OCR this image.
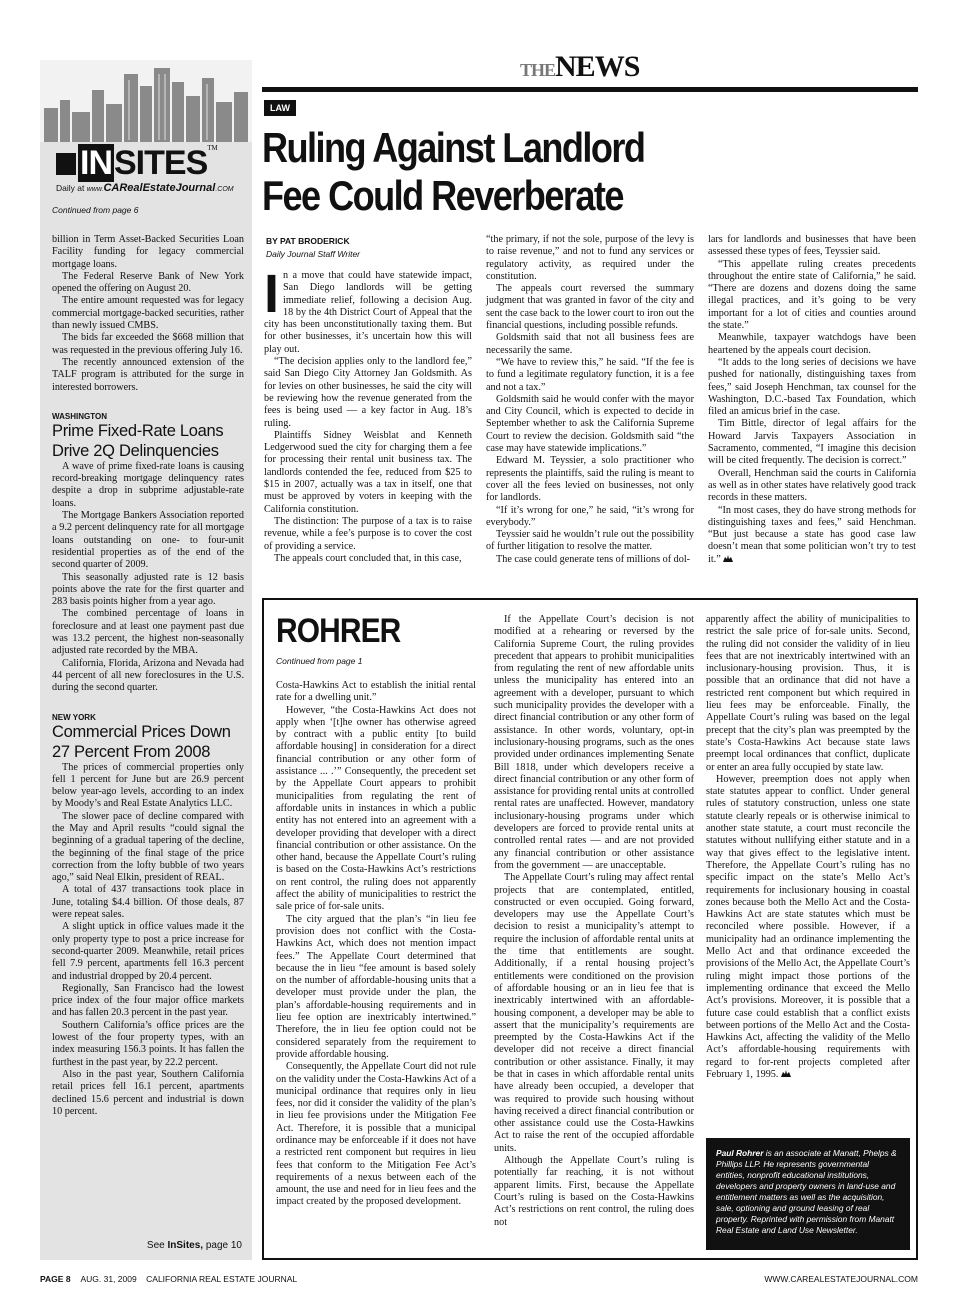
THENEWS
INSITES™
Daily at www.CARealEstateJournal.COM
Continued from page 6

billion in Term Asset-Backed Securities Loan Facility funding for legacy commercial mortgage loans.

The Federal Reserve Bank of New York opened the offering on August 20.

The entire amount requested was for legacy commercial mortgage-backed securities, rather than newly issued CMBS.

The bids far exceeded the $668 million that was requested in the previous offering July 16.

The recently announced extension of the TALF program is attributed for the surge in interested borrowers.

WASHINGTON
Prime Fixed-Rate Loans Drive 2Q Delinquencies

A wave of prime fixed-rate loans is causing record-breaking mortgage delinquency rates despite a drop in subprime adjustable-rate loans.

The Mortgage Bankers Association reported a 9.2 percent delinquency rate for all mortgage loans outstanding on one- to four-unit residential properties as of the end of the second quarter of 2009.

This seasonally adjusted rate is 12 basis points above the rate for the first quarter and 283 basis points higher from a year ago.

The combined percentage of loans in foreclosure and at least one payment past due was 13.2 percent, the highest non-seasonally adjusted rate recorded by the MBA.

California, Florida, Arizona and Nevada had 44 percent of all new foreclosures in the U.S. during the second quarter.

NEW YORK
Commercial Prices Down 27 Percent From 2008

The prices of commercial properties only fell 1 percent for June but are 26.9 percent below year-ago levels, according to an index by Moody’s and Real Estate Analytics LLC.

The slower pace of decline compared with the May and April results “could signal the beginning of a gradual tapering of the decline, the beginning of the final stage of the price correction from the lofty bubble of two years ago,” said Neal Elkin, president of REAL.

A total of 437 transactions took place in June, totaling $4.4 billion. Of those deals, 87 were repeat sales.

A slight uptick in office values made it the only property type to post a price increase for second-quarter 2009. Meanwhile, retail prices fell 7.9 percent, apartments fell 16.3 percent and industrial dropped by 20.4 percent.

Regionally, San Francisco had the lowest price index of the four major office markets and has fallen 20.3 percent in the past year.

Southern California’s office prices are the lowest of the four property types, with an index measuring 156.3 points. It has fallen the furthest in the past year, by 22.2 percent.

Also in the past year, Southern California retail prices fell 16.1 percent, apartments declined 15.6 percent and industrial is down 10 percent.

See InSites, page 10
LAW
Ruling Against Landlord
Fee Could Reverberate
BY PAT BRODERICK
Daily Journal Staff Writer

In a move that could have statewide impact, San Diego landlords will be getting immediate relief, following a decision Aug. 18 by the 4th District Court of Appeal that the city has been unconstitutionally taxing them. But for other businesses, it’s uncertain how this will play out.

“The decision applies only to the landlord fee,” said San Diego City Attorney Jan Goldsmith. As for levies on other businesses, he said the city will be reviewing how the revenue generated from the fees is being used — a key factor in Aug. 18’s ruling.

Plaintiffs Sidney Weisblat and Kenneth Ledgerwood sued the city for charging them a fee for processing their rental unit business tax. The landlords contended the fee, reduced from $25 to $15 in 2007, actually was a tax in itself, one that must be approved by voters in keeping with the California constitution.

The distinction: The purpose of a tax is to raise revenue, while a fee’s purpose is to cover the cost of providing a service.

The appeals court concluded that, in this case,

“the primary, if not the sole, purpose of the levy is to raise revenue,” and not to fund any services or regulatory activity, as required under the constitution.

The appeals court reversed the summary judgment that was granted in favor of the city and sent the case back to the lower court to iron out the financial questions, including possible refunds.

Goldsmith said that not all business fees are necessarily the same.

“We have to review this,” he said. “If the fee is to fund a legitimate regulatory function, it is a fee and not a tax.”

Goldsmith said he would confer with the mayor and City Council, which is expected to decide in September whether to ask the California Supreme Court to review the decision. Goldsmith said “the case may have statewide implications.”

Edward M. Teyssier, a solo practitioner who represents the plaintiffs, said the ruling is meant to cover all the fees levied on businesses, not only for landlords.

“If it’s wrong for one,” he said, “it’s wrong for everybody.”

Teyssier said he wouldn’t rule out the possibility of further litigation to resolve the matter.

The case could generate tens of millions of dol-

lars for landlords and businesses that have been assessed these types of fees, Teyssier said.

“This appellate ruling creates precedents throughout the entire state of California,” he said. “There are dozens and dozens doing the same illegal practices, and it’s going to be very important for a lot of cities and counties around the state.”

Meanwhile, taxpayer watchdogs have been heartened by the appeals court decision.

“It adds to the long series of decisions we have pushed for nationally, distinguishing taxes from fees,” said Joseph Henchman, tax counsel for the Washington, D.C.-based Tax Foundation, which filed an amicus brief in the case.

Tim Bittle, director of legal affairs for the Howard Jarvis Taxpayers Association in Sacramento, commented, “I imagine this decision will be cited frequently. The decision is correct.”

Overall, Henchman said the courts in California as well as in other states have relatively good track records in these matters.

“In most cases, they do have strong methods for distinguishing taxes and fees,” said Henchman. “But just because a state has good case law doesn’t mean that some politician won’t try to test it.”

ROHRER
Continued from page 1

Costa-Hawkins Act to establish the initial rental rate for a dwelling unit.”

However, “the Costa-Hawkins Act does not apply when ‘[t]he owner has otherwise agreed by contract with a public entity [to build affordable housing] in consideration for a direct financial contribution or any other form of assistance ... .’” Consequently, the precedent set by the Appellate Court appears to prohibit municipalities from regulating the rent of affordable units in instances in which a public entity has not entered into an agreement with a developer providing that developer with a direct financial contribution or other assistance. On the other hand, because the Appellate Court’s ruling is based on the Costa-Hawkins Act’s restrictions on rent control, the ruling does not apparently affect the ability of municipalities to restrict the sale price of for-sale units.

The city argued that the plan’s “in lieu fee provision does not conflict with the Costa-Hawkins Act, which does not mention impact fees.” The Appellate Court determined that because the in lieu “fee amount is based solely on the number of affordable-housing units that a developer must provide under the plan, the plan’s affordable-housing requirements and in lieu fee option are inextricably intertwined.” Therefore, the in lieu fee option could not be considered separately from the requirement to provide affordable housing.

Consequently, the Appellate Court did not rule on the validity under the Costa-Hawkins Act of a municipal ordinance that requires only in lieu fees, nor did it consider the validity of the plan’s in lieu fee provisions under the Mitigation Fee Act. Therefore, it is possible that a municipal ordinance may be enforceable if it does not have a restricted rent component but requires in lieu fees that conform to the Mitigation Fee Act’s requirements of a nexus between each of the amount, the use and need for in lieu fees and the impact created by the proposed development.

If the Appellate Court’s decision is not modified at a rehearing or reversed by the California Supreme Court, the ruling provides precedent that appears to prohibit municipalities from regulating the rent of new affordable units unless the municipality has entered into an agreement with a developer, pursuant to which such municipality provides the developer with a direct financial contribution or any other form of assistance. In other words, voluntary, opt-in inclusionary-housing programs, such as the ones provided under ordinances implementing Senate Bill 1818, under which developers receive a direct financial contribution or any other form of assistance for providing rental units at controlled rental rates are unaffected. However, mandatory inclusionary-housing programs under which developers are forced to provide rental units at controlled rental rates — and are not provided any financial contribution or other assistance from the government — are unacceptable.

The Appellate Court’s ruling may affect rental projects that are contemplated, entitled, constructed or even occupied. Going forward, developers may use the Appellate Court’s decision to resist a municipality’s attempt to require the inclusion of affordable rental units at the time that entitlements are sought. Additionally, if a rental housing project’s entitlements were conditioned on the provision of affordable housing or an in lieu fee that is inextricably intertwined with an affordable-housing component, a developer may be able to assert that the municipality’s requirements are preempted by the Costa-Hawkins Act if the developer did not receive a direct financial contribution or other assistance. Finally, it may be that in cases in which affordable rental units have already been occupied, a developer that was required to provide such housing without having received a direct financial contribution or other assistance could use the Costa-Hawkins Act to raise the rent of the occupied affordable units.

Although the Appellate Court’s ruling is potentially far reaching, it is not without apparent limits. First, because the Appellate Court’s ruling is based on the Costa-Hawkins Act’s restrictions on rent control, the ruling does not

apparently affect the ability of municipalities to restrict the sale price of for-sale units. Second, the ruling did not consider the validity of in lieu fees that are not inextricably intertwined with an inclusionary-housing provision. Thus, it is possible that an ordinance that did not have a restricted rent component but which required in lieu fees may be enforceable. Finally, the Appellate Court’s ruling was based on the legal precept that the city’s plan was preempted by the state’s Costa-Hawkins Act because state laws preempt local ordinances that conflict, duplicate or enter an area fully occupied by state law.

However, preemption does not apply when state statutes appear to conflict. Under general rules of statutory construction, unless one state statute clearly repeals or is otherwise inimical to another state statute, a court must reconcile the statutes without nullifying either statute and in a way that gives effect to the legislative intent. Therefore, the Appellate Court’s ruling has no specific impact on the state’s Mello Act’s requirements for inclusionary housing in coastal zones because both the Mello Act and the Costa-Hawkins Act are state statutes which must be reconciled where possible. However, if a municipality had an ordinance implementing the Mello Act and that ordinance exceeded the provisions of the Mello Act, the Appellate Court’s ruling might impact those portions of the implementing ordinance that exceed the Mello Act’s provisions. Moreover, it is possible that a future case could establish that a conflict exists between portions of the Mello Act and the Costa-Hawkins Act, affecting the validity of the Mello Act’s affordable-housing requirements with regard to for-rent projects completed after February 1, 1995.

Paul Rohrer is an associate at Manatt, Phelps & Phillips LLP. He represents governmental entities, nonprofit educational institutions, developers and property owners in land-use and entitlement matters as well as the acquisition, sale, optioning and ground leasing of real property. Reprinted with permission from Manatt Real Estate and Land Use Newsletter.
PAGE 8 AUG. 31, 2009 CALIFORNIA REAL ESTATE JOURNAL	WWW.CAREALESTATEJOURNAL.COM
